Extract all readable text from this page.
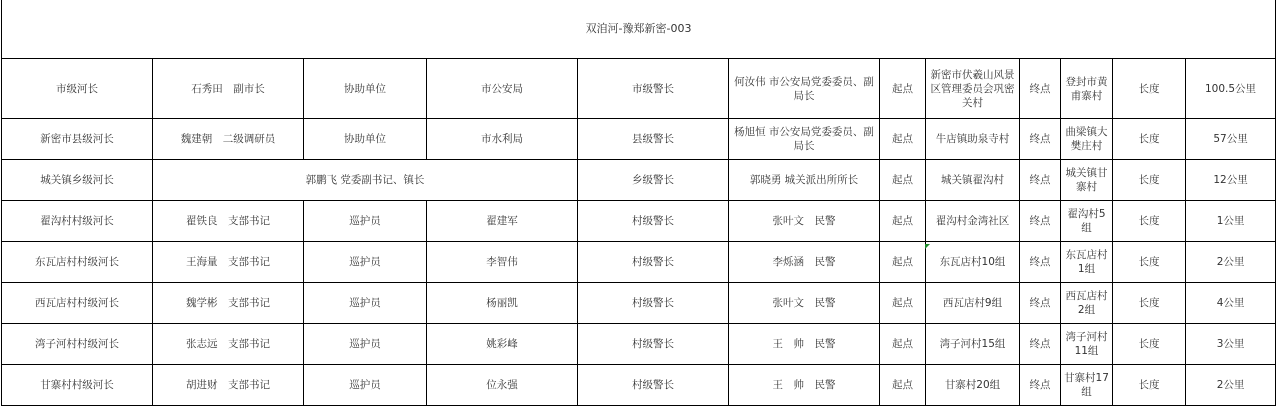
双洎河-豫郑新密-003											
市级河长	石秀田　副市长	协助单位	市公安局	市级警长	何汝伟 市公安局党委委员、副局长	起点	新密市伏羲山风景区管理委员会巩密关村	终点	登封市黄甫寨村	长度	100.5公里
新密市县级河长	魏建朝　二级调研员	协助单位	市水利局	县级警长	杨旭恒 市公安局党委委员、副局长	起点	牛店镇助泉寺村	终点	曲梁镇大樊庄村	长度	57公里
城关镇乡级河长	郭鹏飞 党委副书记、镇长			乡级警长	郭晓勇 城关派出所所长	起点	城关镇翟沟村	终点	城关镇甘寨村	长度	12公里
翟沟村村级河长	翟铁良　支部书记	巡护员	翟建军	村级警长	张叶文　民警	起点	翟沟村金湾社区	终点	翟沟村5组	长度	1公里
东瓦店村村级河长	王海量　支部书记	巡护员	李智伟	村级警长	李烁涵　民警	起点	东瓦店村10组	终点	东瓦店村1组	长度	2公里
西瓦店村村级河长	魏学彬　支部书记	巡护员	杨丽凯	村级警长	张叶文　民警	起点	西瓦店村9组	终点	西瓦店村2组	长度	4公里
湾子河村村级河长	张志远　支部书记	巡护员	姚彩峰	村级警长	王　帅　民警	起点	湾子河村15组	终点	湾子河村11组	长度	3公里
甘寨村村级河长	胡进财　支部书记	巡护员	位永强	村级警长	王　帅　民警	起点	甘寨村20组	终点	甘寨村17组	长度	2公里
